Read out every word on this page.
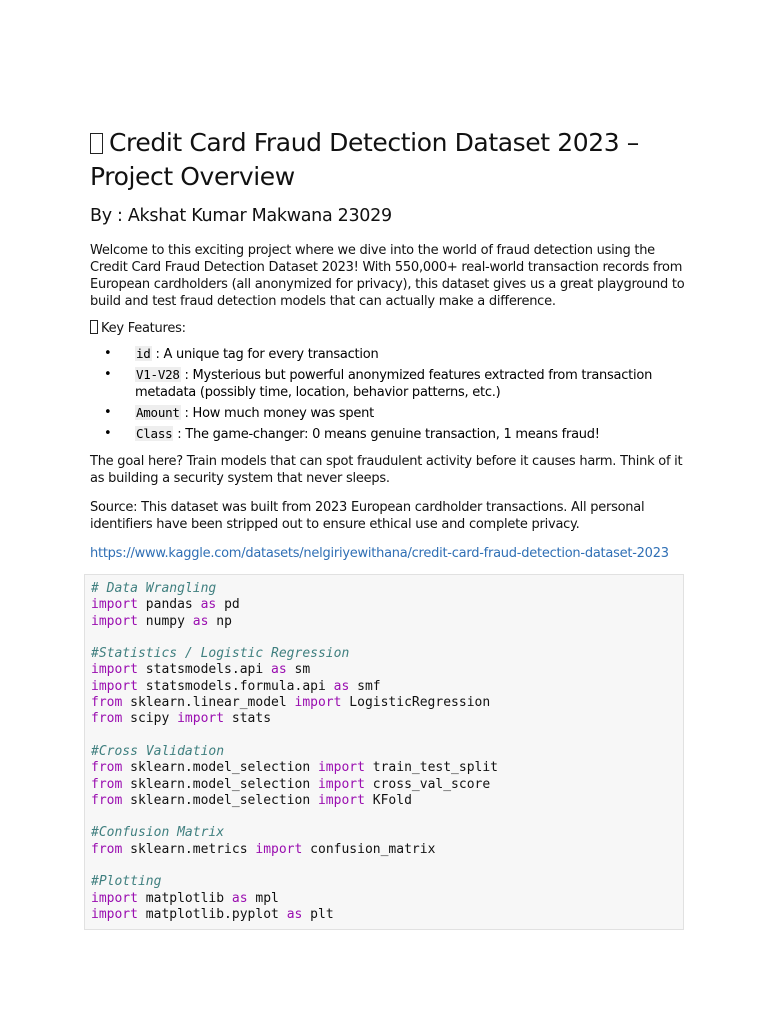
Credit Card Fraud Detection Dataset 2023 –
Project Overview
By : Akshat Kumar Makwana 23029

Welcome to this exciting project where we dive into the world of fraud detection using the Credit Card Fraud Detection Dataset 2023! With 550,000+ real-world transaction records from European cardholders (all anonymized for privacy), this dataset gives us a great playground to build and test fraud detection models that can actually make a difference.

Key Features:

• id : A unique tag for every transaction
• V1-V28 : Mysterious but powerful anonymized features extracted from transaction metadata (possibly time, location, behavior patterns, etc.)
• Amount : How much money was spent
• Class : The game-changer: 0 means genuine transaction, 1 means fraud!

The goal here? Train models that can spot fraudulent activity before it causes harm. Think of it as building a security system that never sleeps.

Source: This dataset was built from 2023 European cardholder transactions. All personal identifiers have been stripped out to ensure ethical use and complete privacy.

https://www.kaggle.com/datasets/nelgiriyewithana/credit-card-fraud-detection-dataset-2023
# Data Wrangling
import pandas as pd
import numpy as np

#Statistics / Logistic Regression
import statsmodels.api as sm
import statsmodels.formula.api as smf
from sklearn.linear_model import LogisticRegression
from scipy import stats

#Cross Validation
from sklearn.model_selection import train_test_split
from sklearn.model_selection import cross_val_score
from sklearn.model_selection import KFold

#Confusion Matrix
from sklearn.metrics import confusion_matrix

#Plotting
import matplotlib as mpl
import matplotlib.pyplot as plt
